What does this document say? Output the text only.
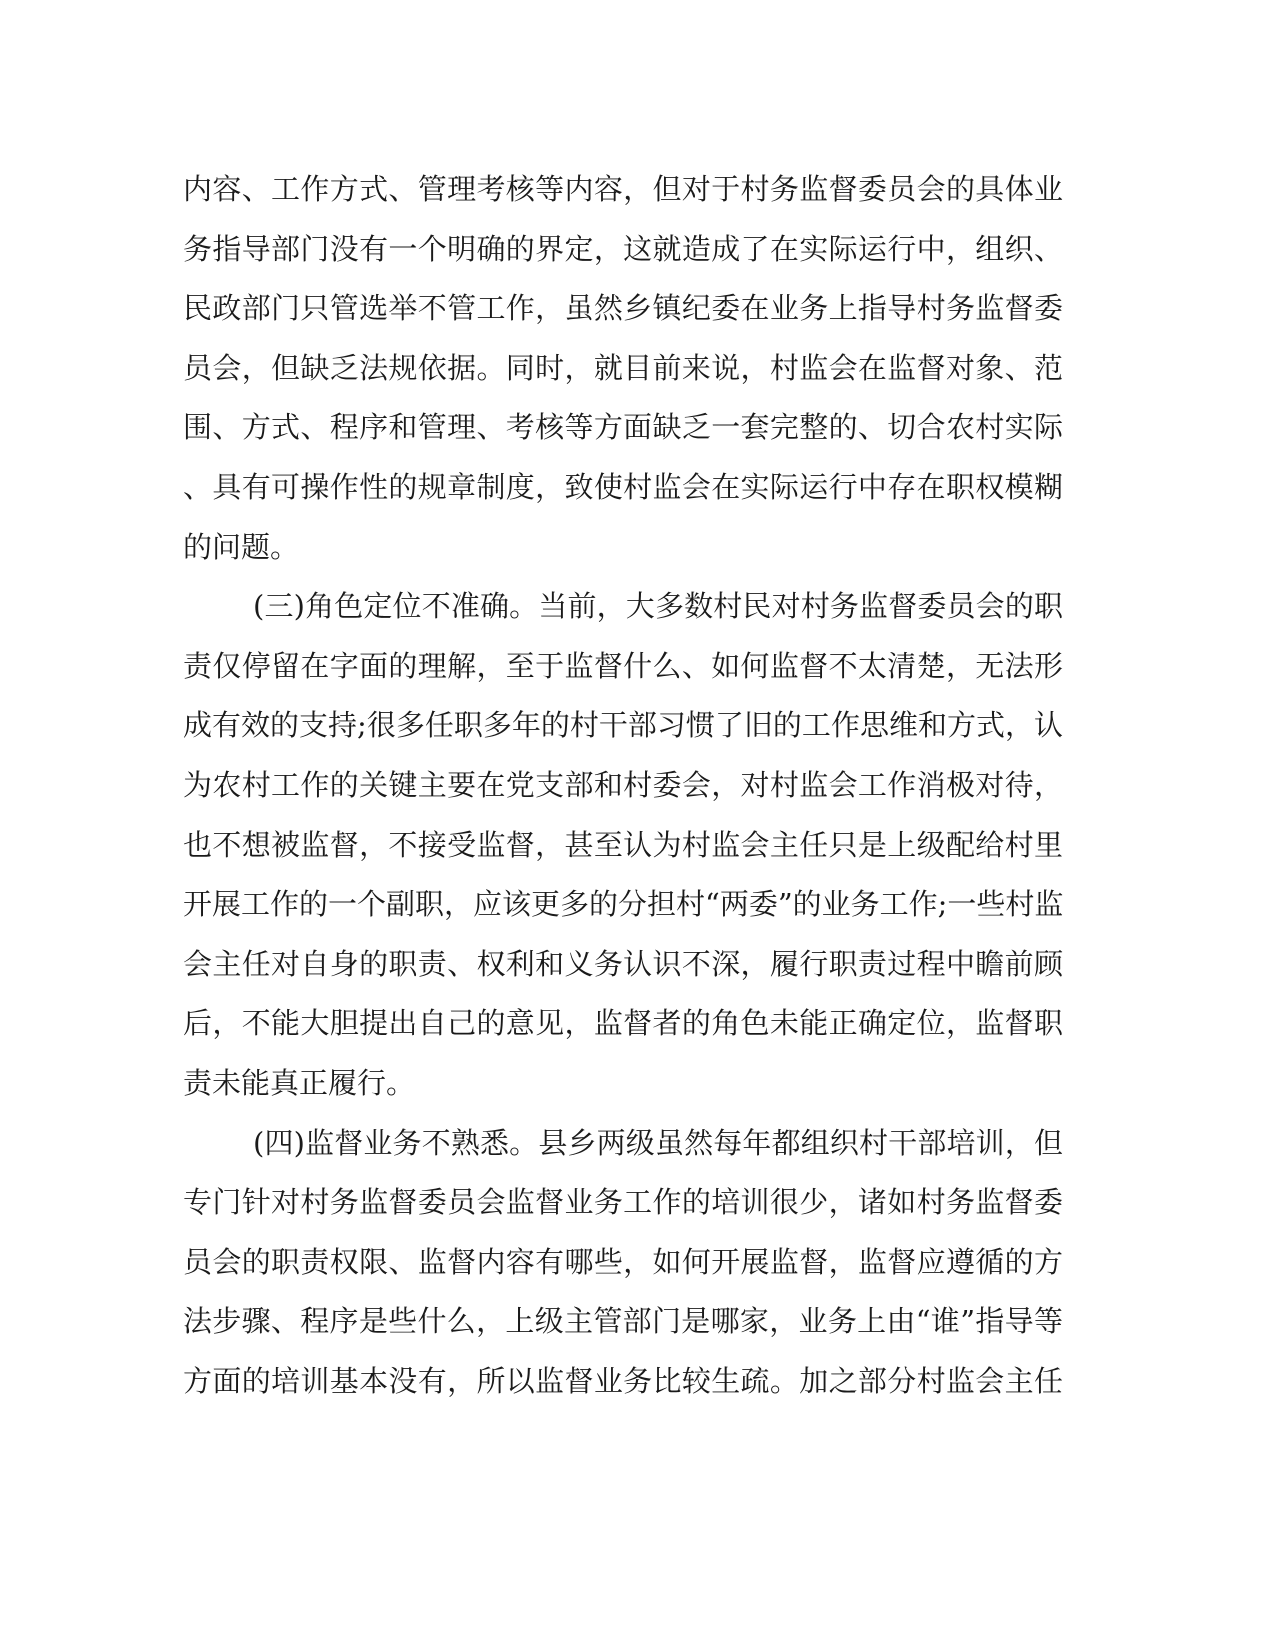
内容、工作方式、管理考核等内容，但对于村务监督委员会的具体业
务指导部门没有一个明确的界定，这就造成了在实际运行中，组织、
民政部门只管选举不管工作，虽然乡镇纪委在业务上指导村务监督委
员会，但缺乏法规依据。同时，就目前来说，村监会在监督对象、范
围、方式、程序和管理、考核等方面缺乏一套完整的、切合农村实际
、具有可操作性的规章制度，致使村监会在实际运行中存在职权模糊
的问题。
(三)角色定位不准确。当前，大多数村民对村务监督委员会的职
责仅停留在字面的理解，至于监督什么、如何监督不太清楚，无法形
成有效的支持;很多任职多年的村干部习惯了旧的工作思维和方式，认
为农村工作的关键主要在党支部和村委会，对村监会工作消极对待，
也不想被监督，不接受监督，甚至认为村监会主任只是上级配给村里
开展工作的一个副职，应该更多的分担村“两委”的业务工作;一些村监
会主任对自身的职责、权利和义务认识不深，履行职责过程中瞻前顾
后，不能大胆提出自己的意见，监督者的角色未能正确定位，监督职
责未能真正履行。
(四)监督业务不熟悉。县乡两级虽然每年都组织村干部培训，但
专门针对村务监督委员会监督业务工作的培训很少，诸如村务监督委
员会的职责权限、监督内容有哪些，如何开展监督，监督应遵循的方
法步骤、程序是些什么，上级主管部门是哪家，业务上由“谁”指导等
方面的培训基本没有，所以监督业务比较生疏。加之部分村监会主任
